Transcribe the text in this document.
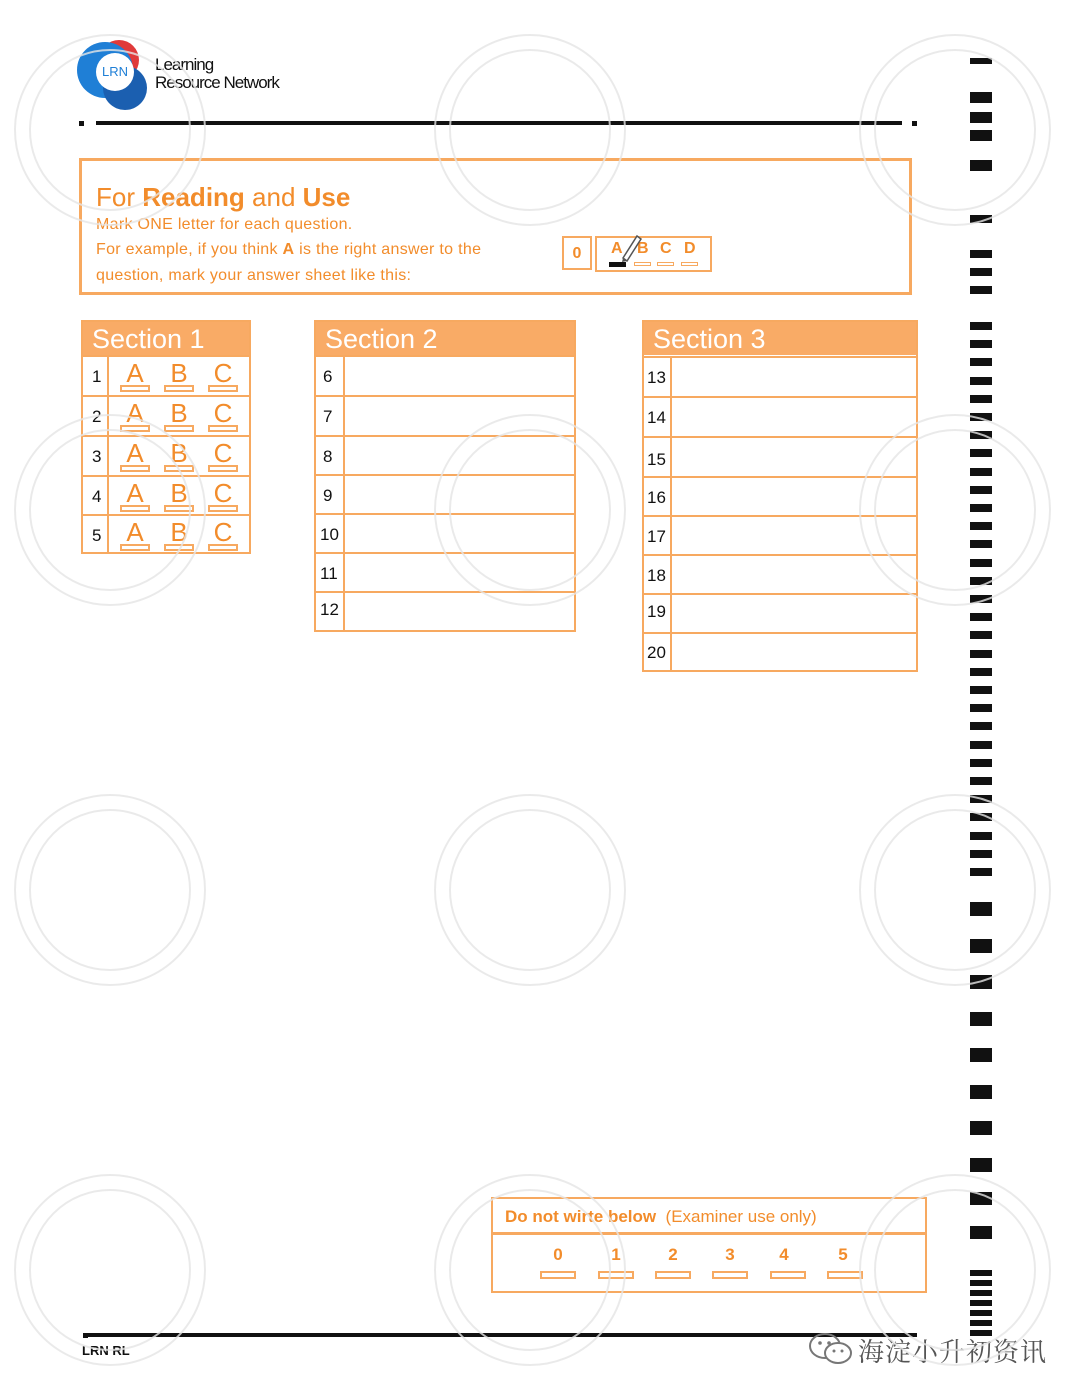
LRN Learning
Resource Network
For Reading and Use
Mark ONE letter for each question.
For example, if you think A is the right answer to the
question, mark your answer sheet like this:
0	A B C D
Section 1
1 A B C
2 A B C
3 A B C
4 A B C
5 A B C
Section 2
6
7
8
9
10
11
12
Section 3
13
14
15
16
17
18
19
20
Do not wirte below  (Examiner use only)
0	1	2	3	4	5
LRN RL	海淀小升初资讯
